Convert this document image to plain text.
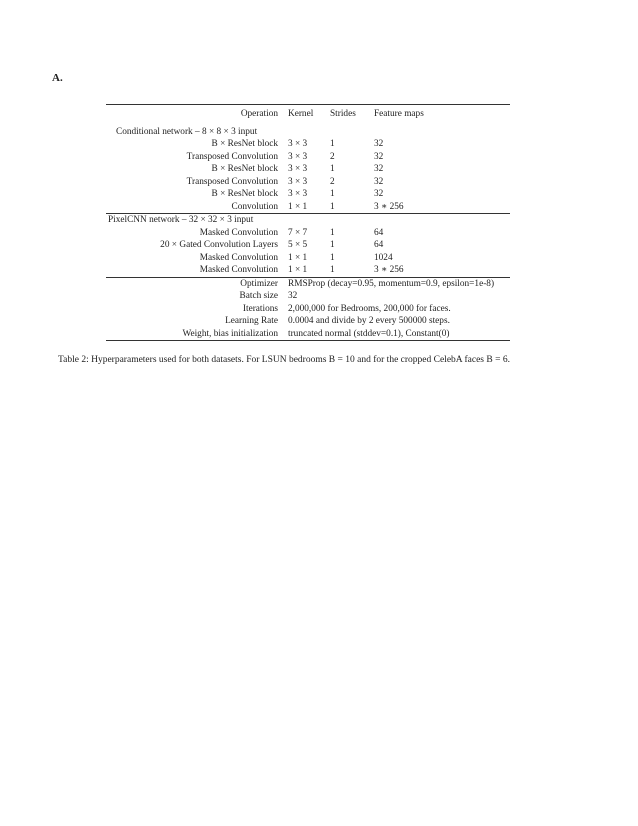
A.
Operation	Kernel	Strides	Feature maps
Conditional network – 8 × 8 × 3 input			
B × ResNet block	3 × 3	1	32
Transposed Convolution	3 × 3	2	32
B × ResNet block	3 × 3	1	32
Transposed Convolution	3 × 3	2	32
B × ResNet block	3 × 3	1	32
Convolution	1 × 1	1	3 ∗ 256
PixelCNN network – 32 × 32 × 3 input			
Masked Convolution	7 × 7	1	64
20 × Gated Convolution Layers	5 × 5	1	64
Masked Convolution	1 × 1	1	1024
Masked Convolution	1 × 1	1	3 ∗ 256
Optimizer	RMSProp (decay=0.95, momentum=0.9, epsilon=1e-8)		
Batch size	32		
Iterations	2,000,000 for Bedrooms, 200,000 for faces.		
Learning Rate	0.0004 and divide by 2 every 500000 steps.		
Weight, bias initialization	truncated normal (stddev=0.1), Constant(0)		
Table 2: Hyperparameters used for both datasets. For LSUN bedrooms B = 10 and for the cropped CelebA faces B = 6.
